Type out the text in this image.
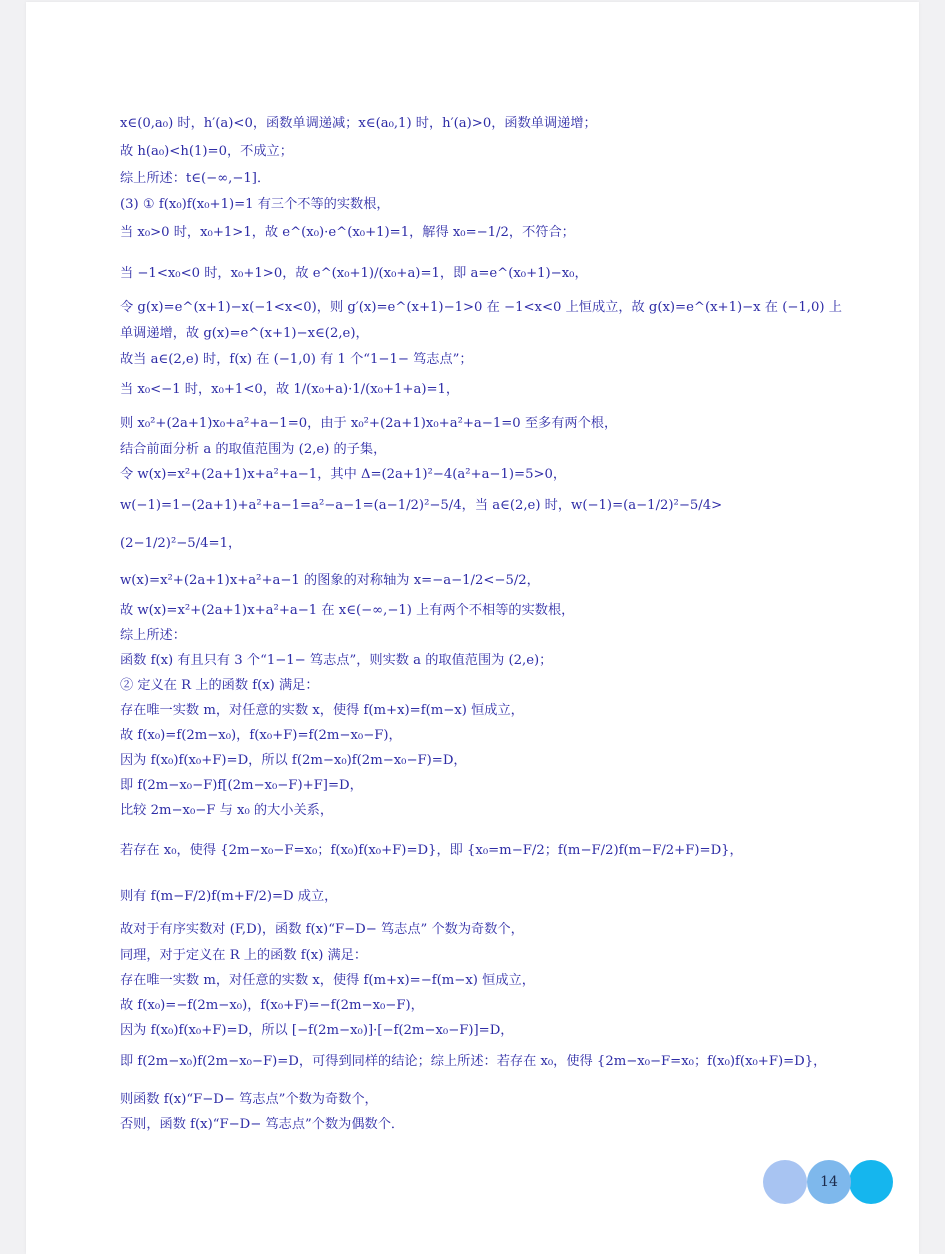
x∈(0,a₀) 时，h′(a)<0，函数单调递减；x∈(a₀,1) 时，h′(a)>0，函数单调递增；
故 h(a₀)<h(1)=0，不成立；
综上所述：t∈(−∞,−1]．
(3) ① f(x₀)f(x₀+1)=1 有三个不等的实数根，
当 x₀>0 时，x₀+1>1，故 e^(x₀)·e^(x₀+1)=1，解得 x₀=−1/2，不符合；
当 −1<x₀<0 时，x₀+1>0，故 e^(x₀+1)/(x₀+a)=1，即 a=e^(x₀+1)−x₀，
令 g(x)=e^(x+1)−x(−1<x<0)，则 g′(x)=e^(x+1)−1>0 在 −1<x<0 上恒成立，故 g(x)=e^(x+1)−x 在 (−1,0) 上
单调递增，故 g(x)=e^(x+1)−x∈(2,e)，
故当 a∈(2,e) 时，f(x) 在 (−1,0) 有 1 个“1−1− 笃志点”；
当 x₀<−1 时，x₀+1<0，故 1/(x₀+a)·1/(x₀+1+a)=1，
则 x₀²+(2a+1)x₀+a²+a−1=0，由于 x₀²+(2a+1)x₀+a²+a−1=0 至多有两个根，
结合前面分析 a 的取值范围为 (2,e) 的子集，
令 w(x)=x²+(2a+1)x+a²+a−1，其中 Δ=(2a+1)²−4(a²+a−1)=5>0，
w(−1)=1−(2a+1)+a²+a−1=a²−a−1=(a−1/2)²−5/4，当 a∈(2,e) 时，w(−1)=(a−1/2)²−5/4>
(2−1/2)²−5/4=1，
w(x)=x²+(2a+1)x+a²+a−1 的图象的对称轴为 x=−a−1/2<−5/2，
故 w(x)=x²+(2a+1)x+a²+a−1 在 x∈(−∞,−1) 上有两个不相等的实数根，
综上所述：
函数 f(x) 有且只有 3 个“1−1− 笃志点”，则实数 a 的取值范围为 (2,e)；
② 定义在 R 上的函数 f(x) 满足：
存在唯一实数 m，对任意的实数 x，使得 f(m+x)=f(m−x) 恒成立，
故 f(x₀)=f(2m−x₀)，f(x₀+F)=f(2m−x₀−F)，
因为 f(x₀)f(x₀+F)=D，所以 f(2m−x₀)f(2m−x₀−F)=D，
即 f(2m−x₀−F)f[(2m−x₀−F)+F]=D，
比较 2m−x₀−F 与 x₀ 的大小关系，
若存在 x₀，使得 {2m−x₀−F=x₀；f(x₀)f(x₀+F)=D}，即 {x₀=m−F/2；f(m−F/2)f(m−F/2+F)=D}，
则有 f(m−F/2)f(m+F/2)=D 成立，
故对于有序实数对 (F,D)，函数 f(x)“F−D− 笃志点” 个数为奇数个，
同理，对于定义在 R 上的函数 f(x) 满足：
存在唯一实数 m，对任意的实数 x，使得 f(m+x)=−f(m−x) 恒成立，
故 f(x₀)=−f(2m−x₀)，f(x₀+F)=−f(2m−x₀−F)，
因为 f(x₀)f(x₀+F)=D，所以 [−f(2m−x₀)]·[−f(2m−x₀−F)]=D，
即 f(2m−x₀)f(2m−x₀−F)=D，可得到同样的结论；综上所述：若存在 x₀，使得 {2m−x₀−F=x₀；f(x₀)f(x₀+F)=D}，
则函数 f(x)“F−D− 笃志点”个数为奇数个，
否则，函数 f(x)“F−D− 笃志点”个数为偶数个．
14
